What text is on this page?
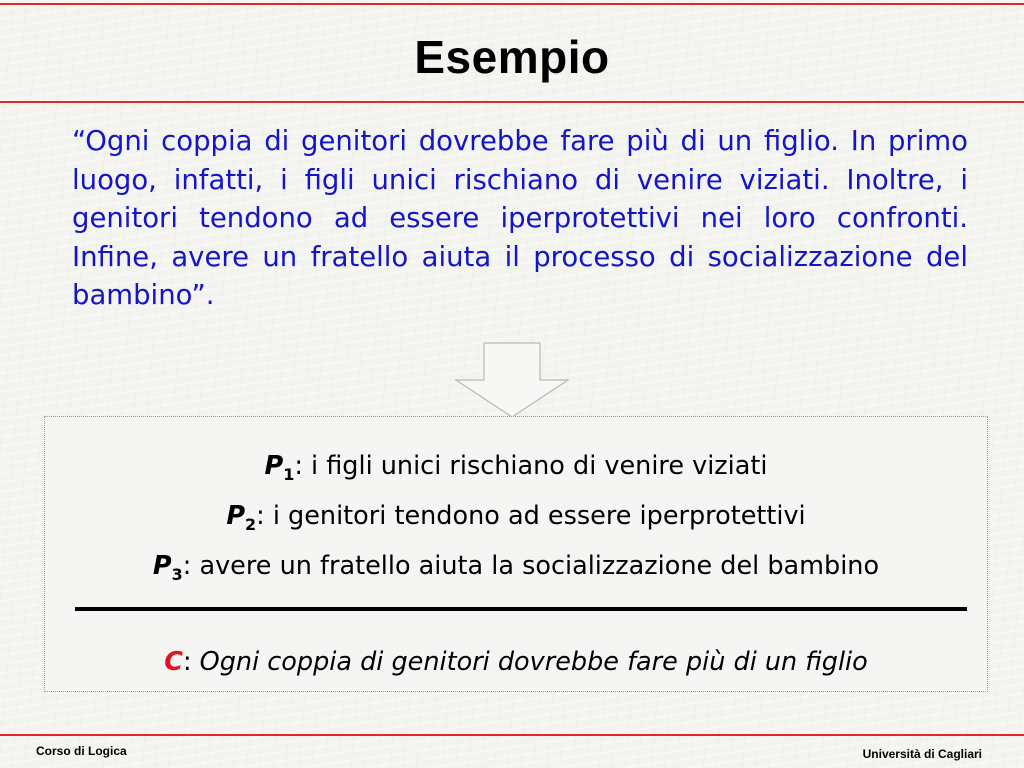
Esempio
“Ogni coppia di genitori dovrebbe fare più di un figlio. In primo luogo, infatti, i figli unici rischiano di venire viziati. Inoltre, i genitori tendono ad essere iperprotettivi nei loro confronti. Infine, avere un fratello aiuta il processo di socializzazione del bambino”.
$P_1$: i figli unici rischiano di venire viziati
$P_2$: i genitori tendono ad essere iperprotettivi
$P_3$: avere un fratello aiuta la socializzazione del bambino
C: Ogni coppia di genitori dovrebbe fare più di un figlio
Corso di Logica	Università di Cagliari
